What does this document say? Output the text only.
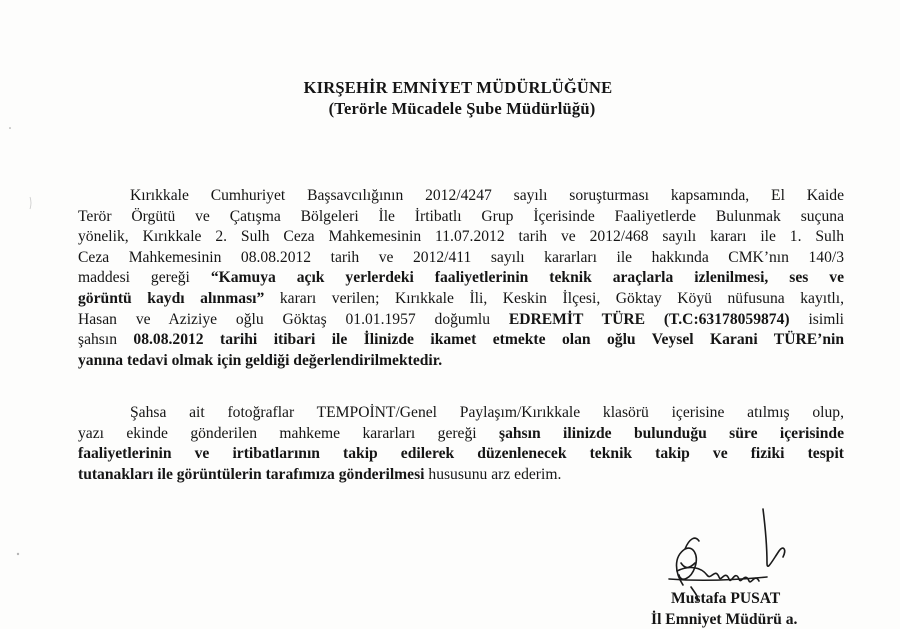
KIRŞEHİR EMNİYET MÜDÜRLÜĞÜNE
(Terörle Mücadele Şube Müdürlüğü)
Kırıkkale Cumhuriyet Başsavcılığının 2012/4247 sayılı soruşturması kapsamında, El Kaide
Terör Örgütü ve Çatışma Bölgeleri İle İrtibatlı Grup İçerisinde Faaliyetlerde Bulunmak suçuna
yönelik, Kırıkkale 2. Sulh Ceza Mahkemesinin 11.07.2012 tarih ve 2012/468 sayılı kararı ile 1. Sulh
Ceza Mahkemesinin 08.08.2012 tarih ve 2012/411 sayılı kararları ile hakkında CMK’nın 140/3
maddesi gereği “Kamuya açık yerlerdeki faaliyetlerinin teknik araçlarla izlenilmesi, ses ve
görüntü kaydı alınması” kararı verilen; Kırıkkale İli, Keskin İlçesi, Göktay Köyü nüfusuna kayıtlı,
Hasan ve Aziziye oğlu Göktaş 01.01.1957 doğumlu EDREMİT TÜRE (T.C:63178059874) isimli
şahsın 08.08.2012 tarihi itibari ile İlinizde ikamet etmekte olan oğlu Veysel Karani TÜRE’nin
yanına tedavi olmak için geldiği değerlendirilmektedir.
Şahsa ait fotoğraflar TEMPOİNT/Genel Paylaşım/Kırıkkale klasörü içerisine atılmış olup,
yazı ekinde gönderilen mahkeme kararları gereği şahsın ilinizde bulunduğu süre içerisinde
faaliyetlerinin ve irtibatlarının takip edilerek düzenlenecek teknik takip ve fiziki tespit
tutanakları ile görüntülerin tarafımıza gönderilmesi hususunu arz ederim.
Mustafa PUSAT
İl Emniyet Müdürü a.
